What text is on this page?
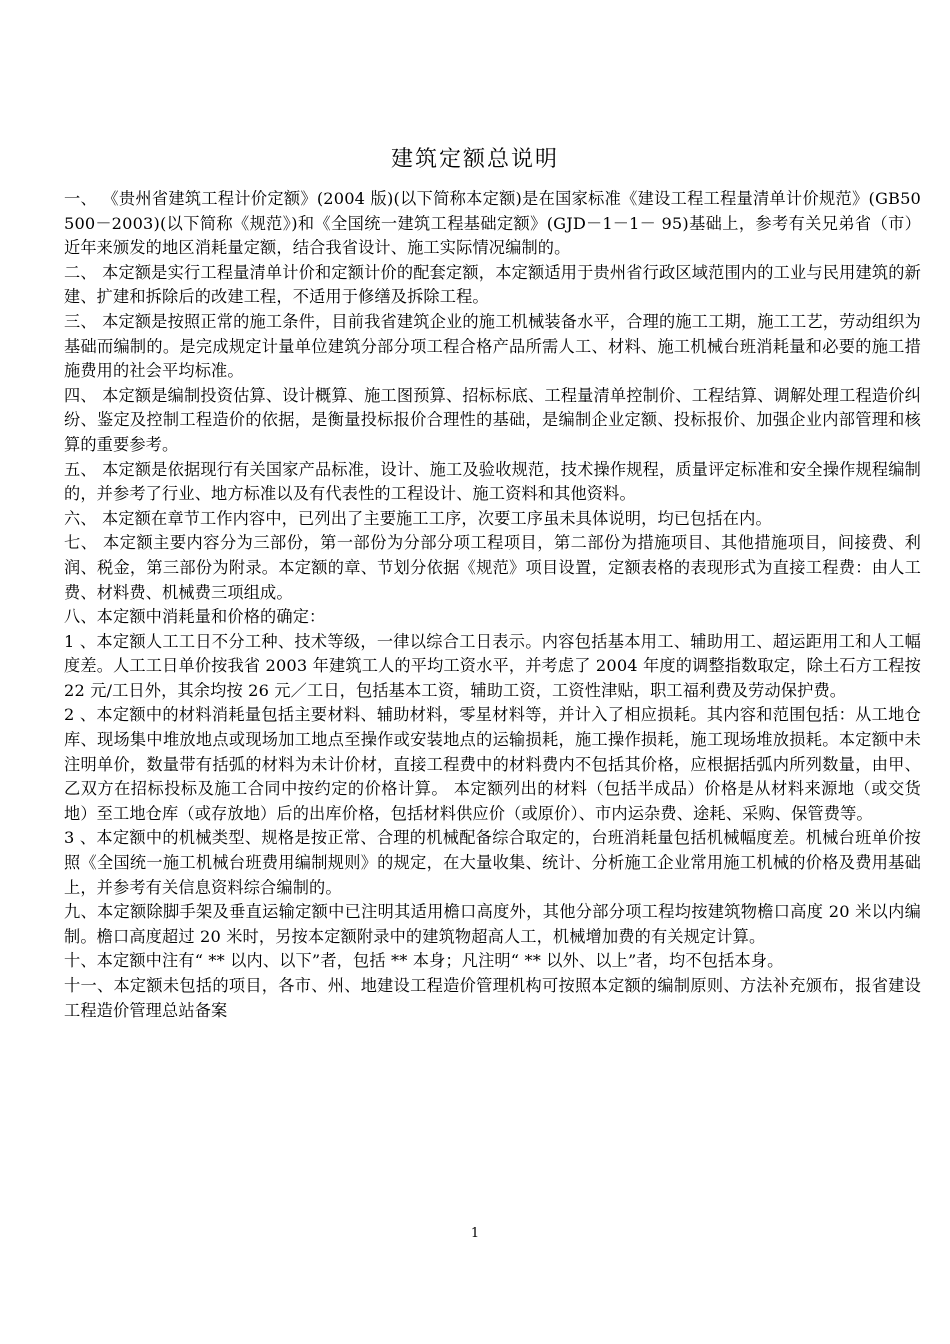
建筑定额总说明

一、 《贵州省建筑工程计价定额》(2004 版)(以下简称本定额)是在国家标准《建设工程工程量清单计价规范》(GB50500－2003)(以下简称《规范》)和《全国统一建筑工程基础定额》(GJD－1－1－ 95)基础上，参考有关兄弟省（市）近年来颁发的地区消耗量定额，结合我省设计、施工实际情况编制的。

二、 本定额是实行工程量清单计价和定额计价的配套定额，本定额适用于贵州省行政区域范围内的工业与民用建筑的新建、扩建和拆除后的改建工程，不适用于修缮及拆除工程。

三、 本定额是按照正常的施工条件，目前我省建筑企业的施工机械装备水平，合理的施工工期，施工工艺，劳动组织为基础而编制的。是完成规定计量单位建筑分部分项工程合格产品所需人工、材料、施工机械台班消耗量和必要的施工措施费用的社会平均标准。

四、 本定额是编制投资估算、设计概算、施工图预算、招标标底、工程量清单控制价、工程结算、调解处理工程造价纠纷、鉴定及控制工程造价的依据，是衡量投标报价合理性的基础，是编制企业定额、投标报价、加强企业内部管理和核算的重要参考。

五、 本定额是依据现行有关国家产品标准，设计、施工及验收规范，技术操作规程，质量评定标准和安全操作规程编制的，并参考了行业、地方标准以及有代表性的工程设计、施工资料和其他资料。

六、 本定额在章节工作内容中，已列出了主要施工工序，次要工序虽未具体说明，均已包括在内。

七、 本定额主要内容分为三部份，第一部份为分部分项工程项目，第二部份为措施项目、其他措施项目，间接费、利润、税金，第三部份为附录。本定额的章、节划分依据《规范》项目设置，定额表格的表现形式为直接工程费：由人工费、材料费、机械费三项组成。

八、本定额中消耗量和价格的确定：

1 、本定额人工工日不分工种、技术等级，一律以综合工日表示。内容包括基本用工、辅助用工、超运距用工和人工幅度差。人工工日单价按我省 2003 年建筑工人的平均工资水平，并考虑了 2004 年度的调整指数取定，除土石方工程按 22 元/工日外，其余均按 26 元／工日，包括基本工资，辅助工资，工资性津贴，职工福利费及劳动保护费。

2 、本定额中的材料消耗量包括主要材料、辅助材料，零星材料等，并计入了相应损耗。其内容和范围包括：从工地仓库、现场集中堆放地点或现场加工地点至操作或安装地点的运输损耗，施工操作损耗，施工现场堆放损耗。本定额中未注明单价，数量带有括弧的材料为未计价材，直接工程费中的材料费内不包括其价格，应根据括弧内所列数量，由甲、乙双方在招标投标及施工合同中按约定的价格计算。 本定额列出的材料（包括半成品）价格是从材料来源地（或交货地）至工地仓库（或存放地）后的出库价格，包括材料供应价（或原价）、市内运杂费、途耗、采购、保管费等。

3 、本定额中的机械类型、规格是按正常、合理的机械配备综合取定的，台班消耗量包括机械幅度差。机械台班单价按照《全国统一施工机械台班费用编制规则》的规定，在大量收集、统计、分析施工企业常用施工机械的价格及费用基础上，并参考有关信息资料综合编制的。

九、本定额除脚手架及垂直运输定额中已注明其适用檐口高度外，其他分部分项工程均按建筑物檐口高度 20 米以内编制。檐口高度超过 20 米时，另按本定额附录中的建筑物超高人工，机械增加费的有关规定计算。

十、本定额中注有“ ** 以内、以下”者，包括 ** 本身；凡注明“ ** 以外、以上”者，均不包括本身。

十一、本定额未包括的项目，各市、州、地建设工程造价管理机构可按照本定额的编制原则、方法补充颁布，报省建设工程造价管理总站备案

1
